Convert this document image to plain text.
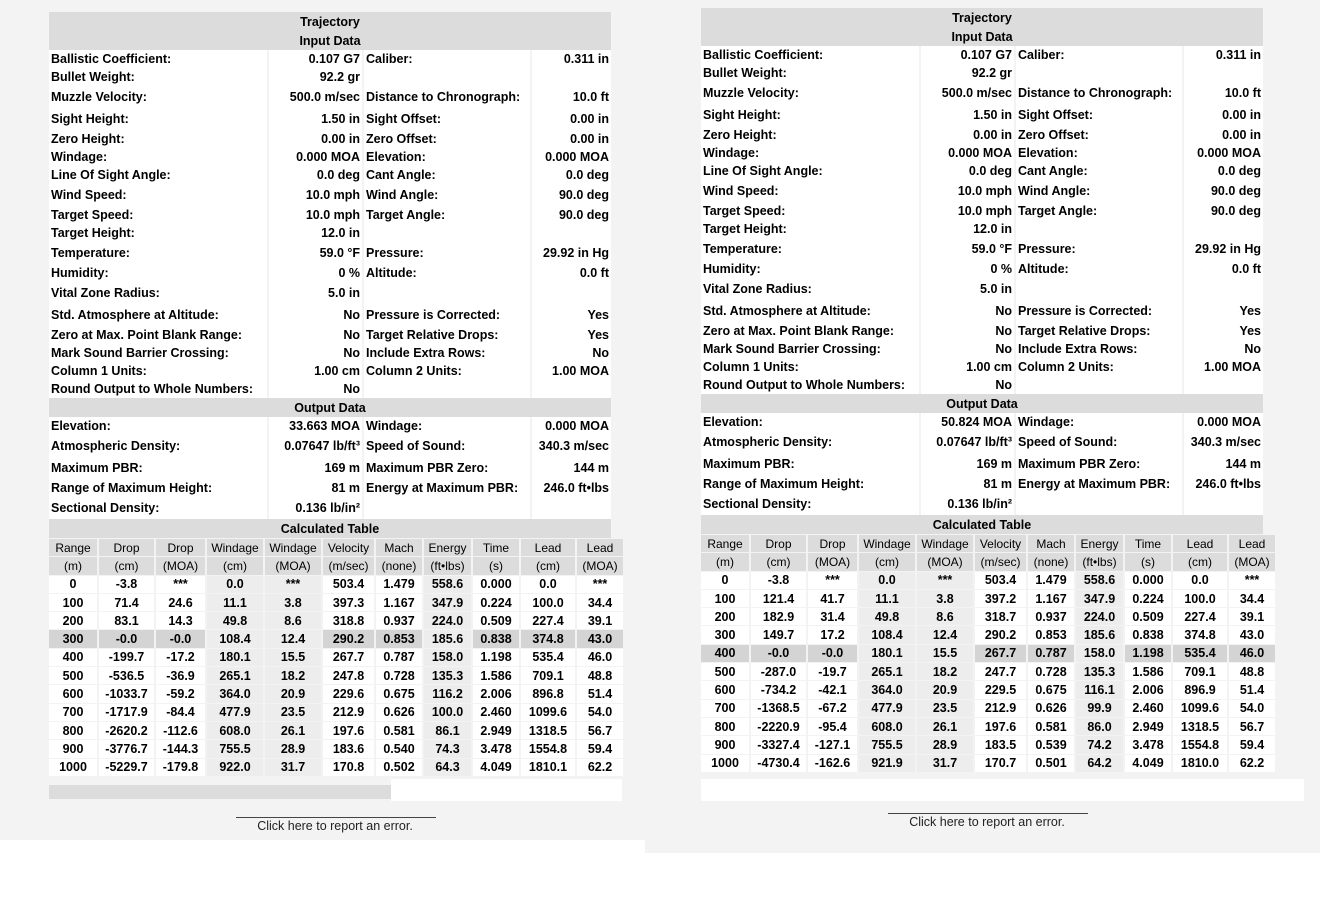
Trajectory			
Input Data			
Ballistic Coefficient:	0.107 G7	Caliber:	0.311 in
Bullet Weight:	92.2 gr		
Muzzle Velocity:	500.0 m/sec	Distance to Chronograph:	10.0 ft
Sight Height:	1.50 in	Sight Offset:	0.00 in
Zero Height:	0.00 in	Zero Offset:	0.00 in
Windage:	0.000 MOA	Elevation:	0.000 MOA
Line Of Sight Angle:	0.0 deg	Cant Angle:	0.0 deg
Wind Speed:	10.0 mph	Wind Angle:	90.0 deg
Target Speed:	10.0 mph	Target Angle:	90.0 deg
Target Height:	12.0 in		
Temperature:	59.0 °F	Pressure:	29.92 in Hg
Humidity:	0 %	Altitude:	0.0 ft
Vital Zone Radius:	5.0 in		
Std. Atmosphere at Altitude:	No	Pressure is Corrected:	Yes
Zero at Max. Point Blank Range:	No	Target Relative Drops:	Yes
Mark Sound Barrier Crossing:	No	Include Extra Rows:	No
Column 1 Units:	1.00 cm	Column 2 Units:	1.00 MOA
Round Output to Whole Numbers:	No		
Output Data			
Elevation:	33.663 MOA	Windage:	0.000 MOA
Atmospheric Density:	0.07647 lb/ft³	Speed of Sound:	340.3 m/sec
Maximum PBR:	169 m	Maximum PBR Zero:	144 m
Range of Maximum Height:	81 m	Energy at Maximum PBR:	246.0 ft•lbs
Sectional Density:	0.136 lb/in²		
Calculated Table			
Range	Drop	Drop	Windage	Windage	Velocity	Mach	Energy	Time	Lead	Lead
(m)	(cm)	(MOA)	(cm)	(MOA)	(m/sec)	(none)	(ft•lbs)	(s)	(cm)	(MOA)
0	-3.8	***	0.0	***	503.4	1.479	558.6	0.000	0.0	***
100	71.4	24.6	11.1	3.8	397.3	1.167	347.9	0.224	100.0	34.4
200	83.1	14.3	49.8	8.6	318.8	0.937	224.0	0.509	227.4	39.1
300	-0.0	-0.0	108.4	12.4	290.2	0.853	185.6	0.838	374.8	43.0
400	-199.7	-17.2	180.1	15.5	267.7	0.787	158.0	1.198	535.4	46.0
500	-536.5	-36.9	265.1	18.2	247.8	0.728	135.3	1.586	709.1	48.8
600	-1033.7	-59.2	364.0	20.9	229.6	0.675	116.2	2.006	896.8	51.4
700	-1717.9	-84.4	477.9	23.5	212.9	0.626	100.0	2.460	1099.6	54.0
800	-2620.2	-112.6	608.0	26.1	197.6	0.581	86.1	2.949	1318.5	56.7
900	-3776.7	-144.3	755.5	28.9	183.6	0.540	74.3	3.478	1554.8	59.4
1000	-5229.7	-179.8	922.0	31.7	170.8	0.502	64.3	4.049	1810.1	62.2
Trajectory			
Input Data			
Ballistic Coefficient:	0.107 G7	Caliber:	0.311 in
Bullet Weight:	92.2 gr		
Muzzle Velocity:	500.0 m/sec	Distance to Chronograph:	10.0 ft
Sight Height:	1.50 in	Sight Offset:	0.00 in
Zero Height:	0.00 in	Zero Offset:	0.00 in
Windage:	0.000 MOA	Elevation:	0.000 MOA
Line Of Sight Angle:	0.0 deg	Cant Angle:	0.0 deg
Wind Speed:	10.0 mph	Wind Angle:	90.0 deg
Target Speed:	10.0 mph	Target Angle:	90.0 deg
Target Height:	12.0 in		
Temperature:	59.0 °F	Pressure:	29.92 in Hg
Humidity:	0 %	Altitude:	0.0 ft
Vital Zone Radius:	5.0 in		
Std. Atmosphere at Altitude:	No	Pressure is Corrected:	Yes
Zero at Max. Point Blank Range:	No	Target Relative Drops:	Yes
Mark Sound Barrier Crossing:	No	Include Extra Rows:	No
Column 1 Units:	1.00 cm	Column 2 Units:	1.00 MOA
Round Output to Whole Numbers:	No		
Output Data			
Elevation:	50.824 MOA	Windage:	0.000 MOA
Atmospheric Density:	0.07647 lb/ft³	Speed of Sound:	340.3 m/sec
Maximum PBR:	169 m	Maximum PBR Zero:	144 m
Range of Maximum Height:	81 m	Energy at Maximum PBR:	246.0 ft•lbs
Sectional Density:	0.136 lb/in²		
Calculated Table			
Range	Drop	Drop	Windage	Windage	Velocity	Mach	Energy	Time	Lead	Lead
(m)	(cm)	(MOA)	(cm)	(MOA)	(m/sec)	(none)	(ft•lbs)	(s)	(cm)	(MOA)
0	-3.8	***	0.0	***	503.4	1.479	558.6	0.000	0.0	***
100	121.4	41.7	11.1	3.8	397.2	1.167	347.9	0.224	100.0	34.4
200	182.9	31.4	49.8	8.6	318.7	0.937	224.0	0.509	227.4	39.1
300	149.7	17.2	108.4	12.4	290.2	0.853	185.6	0.838	374.8	43.0
400	-0.0	-0.0	180.1	15.5	267.7	0.787	158.0	1.198	535.4	46.0
500	-287.0	-19.7	265.1	18.2	247.7	0.728	135.3	1.586	709.1	48.8
600	-734.2	-42.1	364.0	20.9	229.5	0.675	116.1	2.006	896.9	51.4
700	-1368.5	-67.2	477.9	23.5	212.9	0.626	99.9	2.460	1099.6	54.0
800	-2220.9	-95.4	608.0	26.1	197.6	0.581	86.0	2.949	1318.5	56.7
900	-3327.4	-127.1	755.5	28.9	183.5	0.539	74.2	3.478	1554.8	59.4
1000	-4730.4	-162.6	921.9	31.7	170.7	0.501	64.2	4.049	1810.0	62.2
Click here to report an error.	Click here to report an error.
